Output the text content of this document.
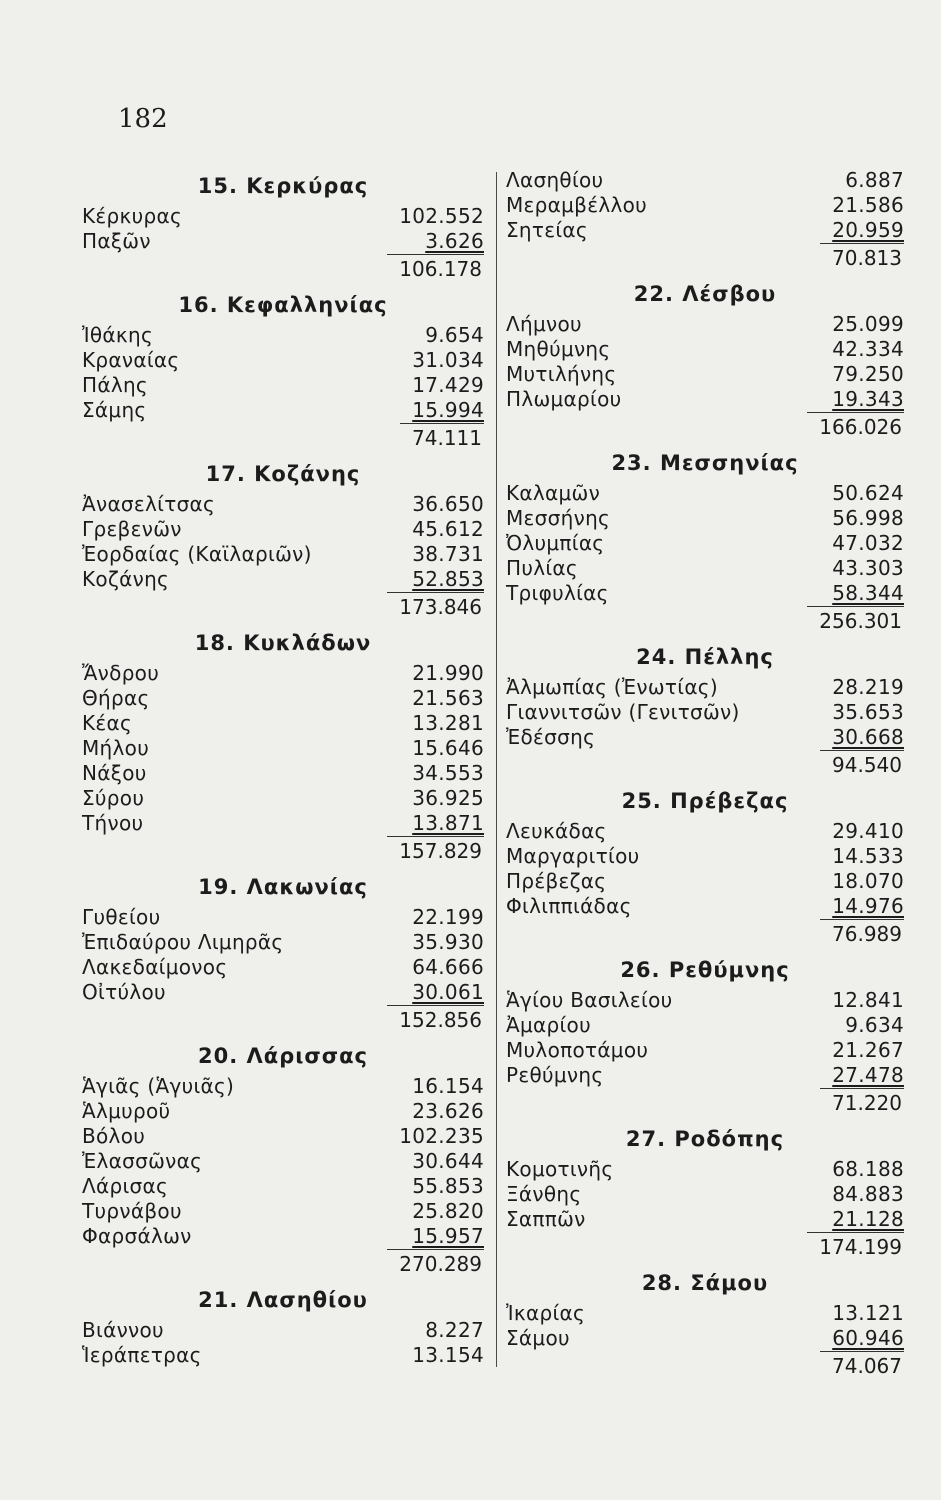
182
15. Κερκύρας
Κέρκυρας	102.552
Παξῶν	3.626
106.178
16. Κεφαλληνίας
Ἰθάκης	9.654
Κραναίας	31.034
Πάλης	17.429
Σάμης	15.994
74.111
17. Κοζάνης
Ἀνασελίτσας	36.650
Γρεβενῶν	45.612
Ἐορδαίας (Καϊλαριῶν)	38.731
Κοζάνης	52.853
173.846
18. Κυκλάδων
Ἄνδρου	21.990
Θήρας	21.563
Κέας	13.281
Μήλου	15.646
Νάξου	34.553
Σύρου	36.925
Τήνου	13.871
157.829
19. Λακωνίας
Γυθείου	22.199
Ἐπιδαύρου Λιμηρᾶς	35.930
Λακεδαίμονος	64.666
Οἰτύλου	30.061
152.856
20. Λάρισσας
Ἁγιᾶς (Ἁγυιᾶς)	16.154
Ἁλμυροῦ	23.626
Βόλου	102.235
Ἐλασσῶνας	30.644
Λάρισας	55.853
Τυρνάβου	25.820
Φαρσάλων	15.957
270.289
21. Λασηθίου
Βιάννου	8.227
Ἱεράπετρας	13.154
Λασηθίου	6.887
Μεραμβέλλου	21.586
Σητείας	20.959
70.813
22. Λέσβου
Λήμνου	25.099
Μηθύμνης	42.334
Μυτιλήνης	79.250
Πλωμαρίου	19.343
166.026
23. Μεσσηνίας
Καλαμῶν	50.624
Μεσσήνης	56.998
Ὀλυμπίας	47.032
Πυλίας	43.303
Τριφυλίας	58.344
256.301
24. Πέλλης
Ἀλμωπίας (Ἐνωτίας)	28.219
Γιαννιτσῶν (Γενιτσῶν)	35.653
Ἐδέσσης	30.668
94.540
25. Πρέβεζας
Λευκάδας	29.410
Μαργαριτίου	14.533
Πρέβεζας	18.070
Φιλιππιάδας	14.976
76.989
26. Ρεθύμνης
Ἁγίου Βασιλείου	12.841
Ἀμαρίου	9.634
Μυλοποτάμου	21.267
Ρεθύμνης	27.478
71.220
27. Ροδόπης
Κομοτινῆς	68.188
Ξάνθης	84.883
Σαππῶν	21.128
174.199
28. Σάμου
Ἰκαρίας	13.121
Σάμου	60.946
74.067
